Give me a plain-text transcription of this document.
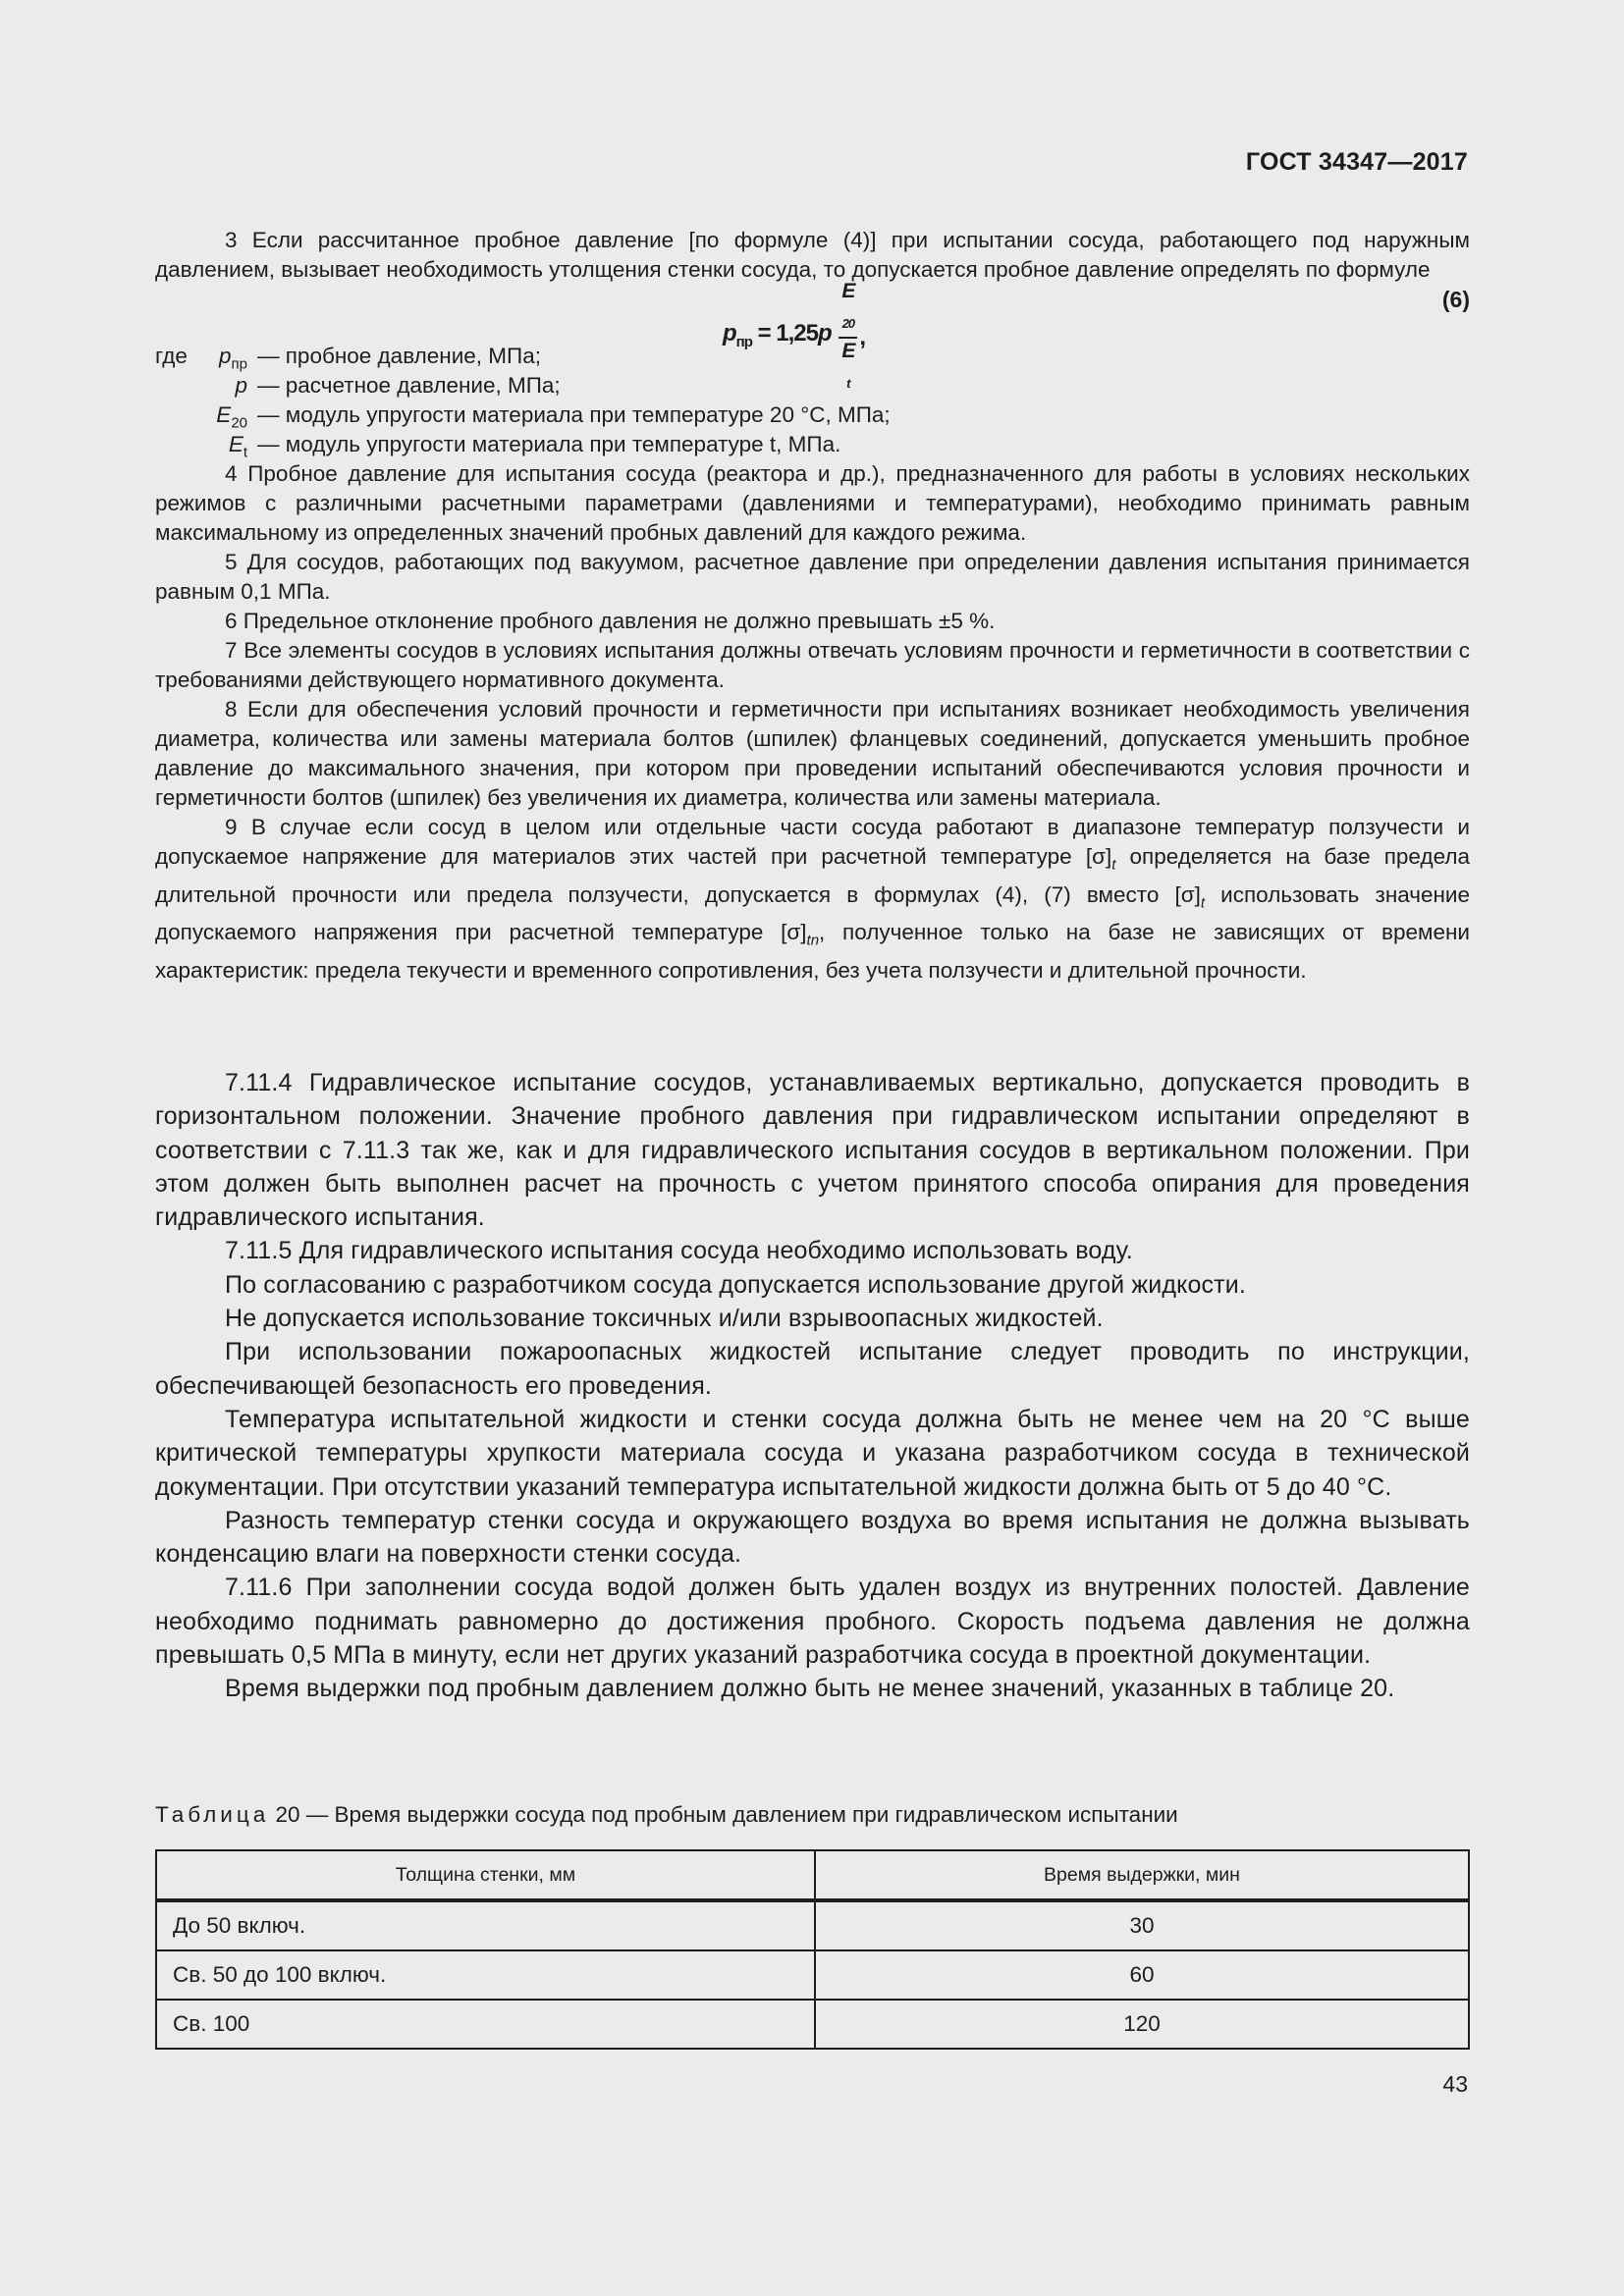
ГОСТ 34347—2017

3 Если рассчитанное пробное давление [по формуле (4)] при испытании сосуда, работающего под наружным давлением, вызывает необходимость утолщения стенки сосуда, то допускается пробное давление определять по формуле

$p_{пр} = 1,25p$ E
$_{20}$
E
$_t$ ,
(6)
где	$p_{пр}$ — пробное давление, МПа;
p — расчетное давление, МПа;
$E_{20}$ — модуль упругости материала при температуре 20 °С, МПа;
$E_t$ — модуль упругости материала при температуре t, МПа.

4 Пробное давление для испытания сосуда (реактора и др.), предназначенного для работы в условиях нескольких режимов с различными расчетными параметрами (давлениями и температурами), необходимо принимать равным максимальному из определенных значений пробных давлений для каждого режима.

5 Для сосудов, работающих под вакуумом, расчетное давление при определении давления испытания принимается равным 0,1 МПа.

6 Предельное отклонение пробного давления не должно превышать ±5 %.

7 Все элементы сосудов в условиях испытания должны отвечать условиям прочности и герметичности в соответствии с требованиями действующего нормативного документа.

8 Если для обеспечения условий прочности и герметичности при испытаниях возникает необходимость увеличения диаметра, количества или замены материала болтов (шпилек) фланцевых соединений, допускается уменьшить пробное давление до максимального значения, при котором при проведении испытаний обеспечиваются условия прочности и герметичности болтов (шпилек) без увеличения их диаметра, количества или замены материала.

9 В случае если сосуд в целом или отдельные части сосуда работают в диапазоне температур ползучести и допускаемое напряжение для материалов этих частей при расчетной температуре $[\sigma]_t$ определяется на базе предела длительной прочности или предела ползучести, допускается в формулах (4), (7) вместо $[\sigma]_t$ использовать значение допускаемого напряжения при расчетной температуре $[\sigma]_{tn}$, полученное только на базе не зависящих от времени характеристик: предела текучести и временного сопротивления, без учета ползучести и длительной прочности.

7.11.4 Гидравлическое испытание сосудов, устанавливаемых вертикально, допускается проводить в горизонтальном положении. Значение пробного давления при гидравлическом испытании определяют в соответствии с 7.11.3 так же, как и для гидравлического испытания сосудов в вертикальном положении. При этом должен быть выполнен расчет на прочность с учетом принятого способа опирания для проведения гидравлического испытания.

7.11.5 Для гидравлического испытания сосуда необходимо использовать воду.

По согласованию с разработчиком сосуда допускается использование другой жидкости.

Не допускается использование токсичных и/или взрывоопасных жидкостей.

При использовании пожароопасных жидкостей испытание следует проводить по инструкции, обеспечивающей безопасность его проведения.

Температура испытательной жидкости и стенки сосуда должна быть не менее чем на 20 °С выше критической температуры хрупкости материала сосуда и указана разработчиком сосуда в технической документации. При отсутствии указаний температура испытательной жидкости должна быть от 5 до 40 °С.

Разность температур стенки сосуда и окружающего воздуха во время испытания не должна вызывать конденсацию влаги на поверхности стенки сосуда.

7.11.6 При заполнении сосуда водой должен быть удален воздух из внутренних полостей. Давление необходимо поднимать равномерно до достижения пробного. Скорость подъема давления не должна превышать 0,5 МПа в минуту, если нет других указаний разработчика сосуда в проектной документации.

Время выдержки под пробным давлением должно быть не менее значений, указанных в таблице 20.

Таблица 20 — Время выдержки сосуда под пробным давлением при гидравлическом испытании
Толщина стенки, мм	Время выдержки, мин
До 50 включ.	30
Св. 50 до 100 включ.	60
Св. 100	120
43
